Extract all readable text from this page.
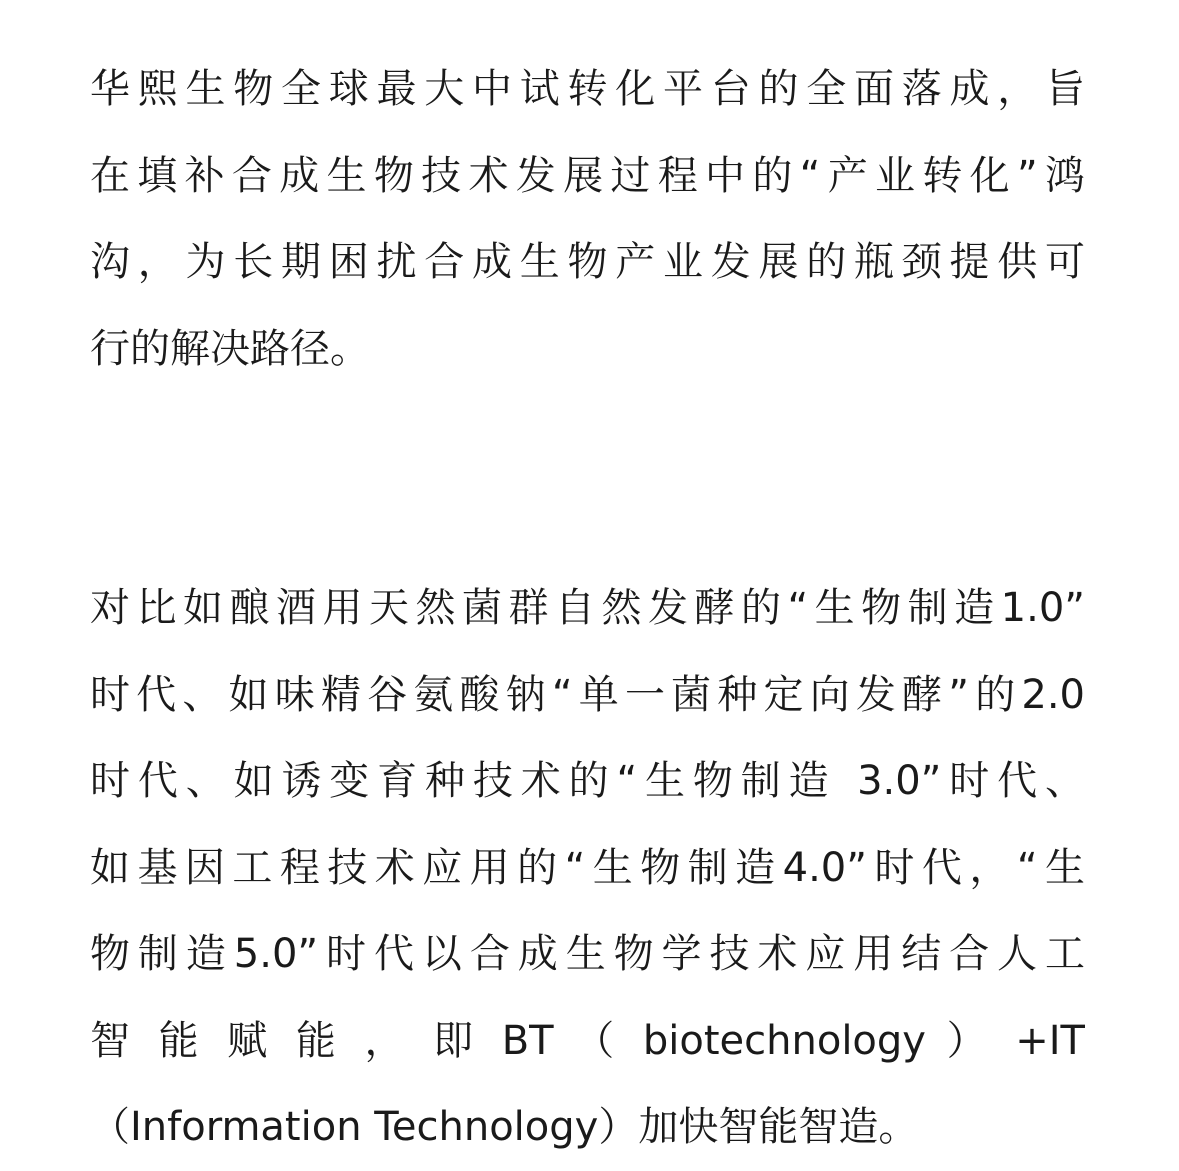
华熙生物全球最大中试转化平台的全面落成，旨
在填补合成生物技术发展过程中的“产业转化”鸿
沟，为长期困扰合成生物产业发展的瓶颈提供可
行的解决路径。
对比如酿酒用天然菌群自然发酵的“生物制造1.0”
时代、如味精谷氨酸钠“单一菌种定向发酵”的2.0
时代、如诱变育种技术的“生物制造 3.0”时代、
如基因工程技术应用的“生物制造4.0”时代，“生
物制造5.0”时代以合成生物学技术应用结合人工
智 能 赋 能 ， 即 BT （ biotechnology ） +IT
（Information Technology）加快智能智造。
